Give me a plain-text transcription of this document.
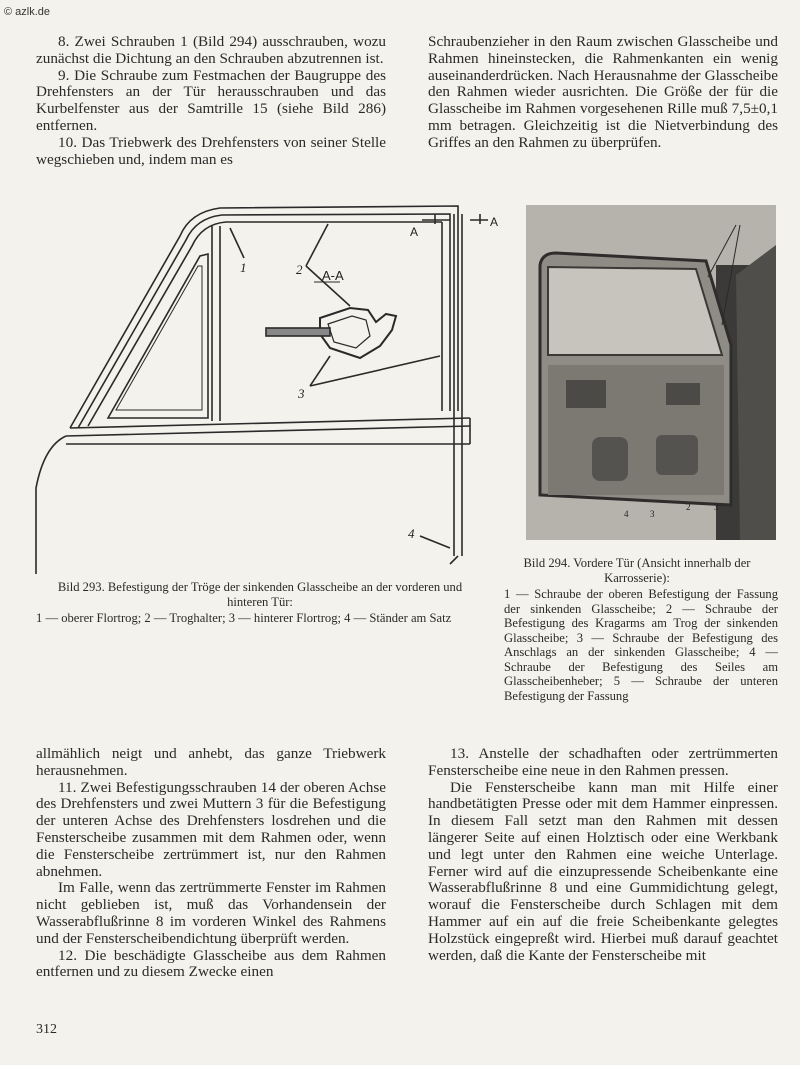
© azlk.de

8. Zwei Schrauben 1 (Bild 294) ausschrauben, wozu zunächst die Dichtung an den Schrauben abzutrennen ist.

9. Die Schraube zum Festmachen der Baugruppe des Drehfensters an der Tür herausschrauben und das Kurbelfenster aus der Samtrille 15 (siehe Bild 286) entfernen.

10. Das Triebwerk des Drehfensters von seiner Stelle wegschieben und, indem man es

Schraubenzieher in den Raum zwischen Glasscheibe und Rahmen hineinstecken, die Rahmenkanten ein wenig auseinanderdrücken. Nach Herausnahme der Glasscheibe den Rahmen wieder ausrichten. Die Größe der für die Glasscheibe im Rahmen vorgesehenen Rille muß 7,5±0,1 mm betragen. Gleichzeitig ist die Nietverbindung des Griffes an den Rahmen zu überprüfen.

A-A
A
A
1	2
3
4
4 3
2	3
Bild 293. Befestigung der Tröge der sinkenden Glasscheibe an der vorderen und hinteren Tür:
1 — oberer Flortrog; 2 — Troghalter; 3 — hinterer Flortrog; 4 — Ständer am Satz
Bild 294. Vordere Tür (Ansicht innerhalb der Karrosserie):
1 — Schraube der oberen Befestigung der Fassung der sinkenden Glasscheibe; 2 — Schraube der Befestigung des Kragarms am Trog der sinkenden Glasscheibe; 3 — Schraube der Befestigung des Anschlags an der sinkenden Glasscheibe; 4 — Schraube der Befestigung des Seiles am Glasscheibenheber; 5 — Schraube der unteren Befestigung der Fassung

allmählich neigt und anhebt, das ganze Triebwerk herausnehmen.

11. Zwei Befestigungsschrauben 14 der oberen Achse des Drehfensters und zwei Muttern 3 für die Befestigung der unteren Achse des Drehfensters losdrehen und die Fensterscheibe zusammen mit dem Rahmen oder, wenn die Fensterscheibe zertrümmert ist, nur den Rahmen abnehmen.

Im Falle, wenn das zertrümmerte Fenster im Rahmen nicht geblieben ist, muß das Vorhandensein der Wasserabflußrinne 8 im vorderen Winkel des Rahmens und der Fensterscheibendichtung überprüft werden.

12. Die beschädigte Glasscheibe aus dem Rahmen entfernen und zu diesem Zwecke einen

13. Anstelle der schadhaften oder zertrümmerten Fensterscheibe eine neue in den Rahmen pressen.

Die Fensterscheibe kann man mit Hilfe einer handbetätigten Presse oder mit dem Hammer einpressen. In diesem Fall setzt man den Rahmen mit dessen längerer Seite auf einen Holztisch oder eine Werkbank und legt unter den Rahmen eine weiche Unterlage. Ferner wird auf die einzupressende Scheibenkante eine Wasserabflußrinne 8 und eine Gummidichtung gelegt, worauf die Fensterscheibe durch Schlagen mit dem Hammer auf ein auf die freie Scheibenkante gelegtes Holzstück eingepreßt wird. Hierbei muß darauf geachtet werden, daß die Kante der Fensterscheibe mit

312
